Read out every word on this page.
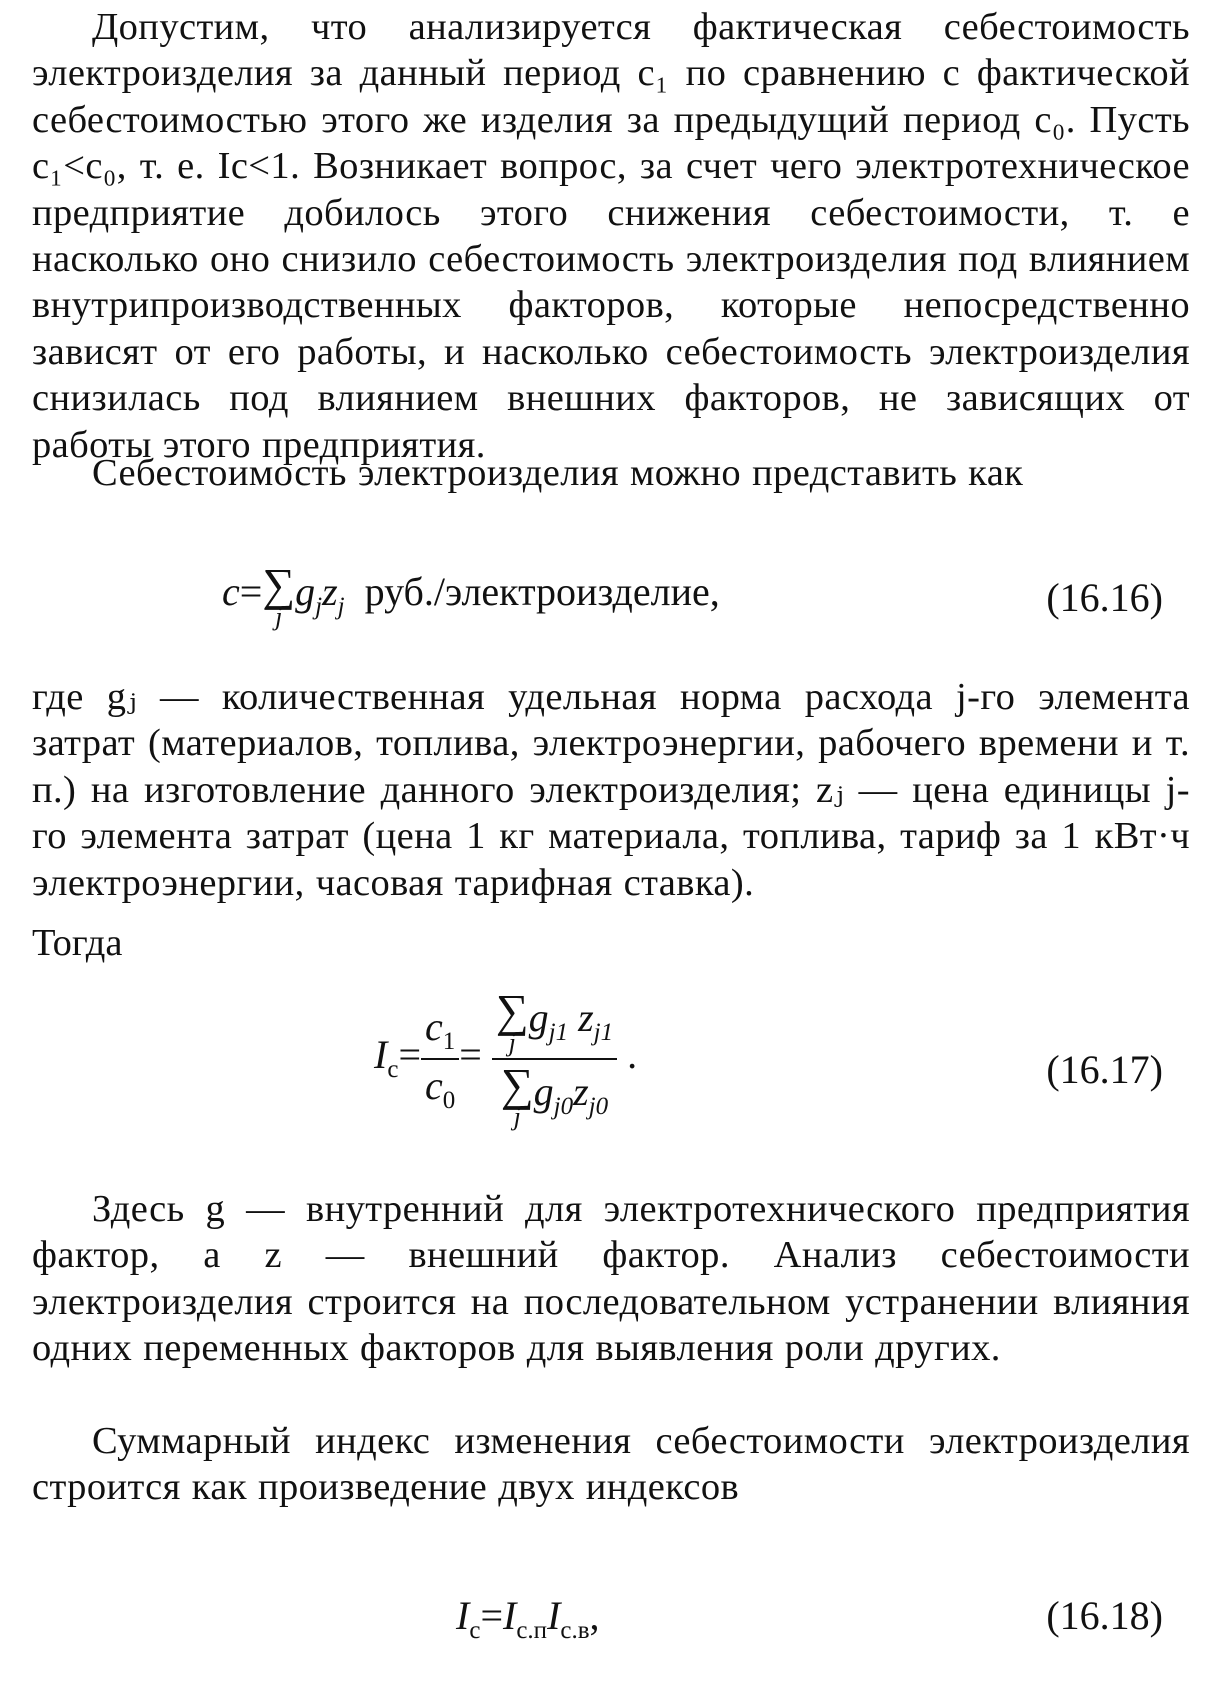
Допустим, что анализируется фактическая себестоимость электроизделия за данный период c₁ по сравнению с фактической себестоимостью этого же изделия за предыдущий период c₀. Пусть c₁<c₀, т. е. Iс<1. Возникает вопрос, за счет чего электротехническое предприятие добилось этого снижения себестоимости, т. е насколько оно снизило себестоимость электроизделия под влиянием внутрипроизводственных факторов, которые непосредственно зависят от его работы, и насколько себестоимость электроизделия снизилась под влиянием внешних факторов, не зависящих от работы этого предприятия.

Себестоимость электроизделия можно представить как

c=∑
j
$g_jz_j$ руб./электроизделие,	(16.16)

где gⱼ — количественная удельная норма расхода j-го элемента затрат (материалов, топлива, электроэнергии, рабочего времени и т. п.) на изготовление данного электроизделия; zⱼ — цена единицы j-го элемента затрат (цена 1 кг материала, топлива, тариф за 1 кВт·ч электроэнергии, часовая тарифная ставка).

Тогда

$I_с= \frac{c_1}{c_0}$ = ∑
j
$g_{j1}$ $z_{j1}$
∑
j
$g_{j0}z_{j0}$ .	(16.17)

Здесь g — внутренний для электротехнического предприятия фактор, а z — внешний фактор. Анализ себестоимости электроизделия строится на последовательном устранении влияния одних переменных факторов для выявления роли других.

Суммарный индекс изменения себестоимости электроизделия строится как произведение двух индексов

$I_с=I_{с.п}I_{с.в}$,	(16.18)
